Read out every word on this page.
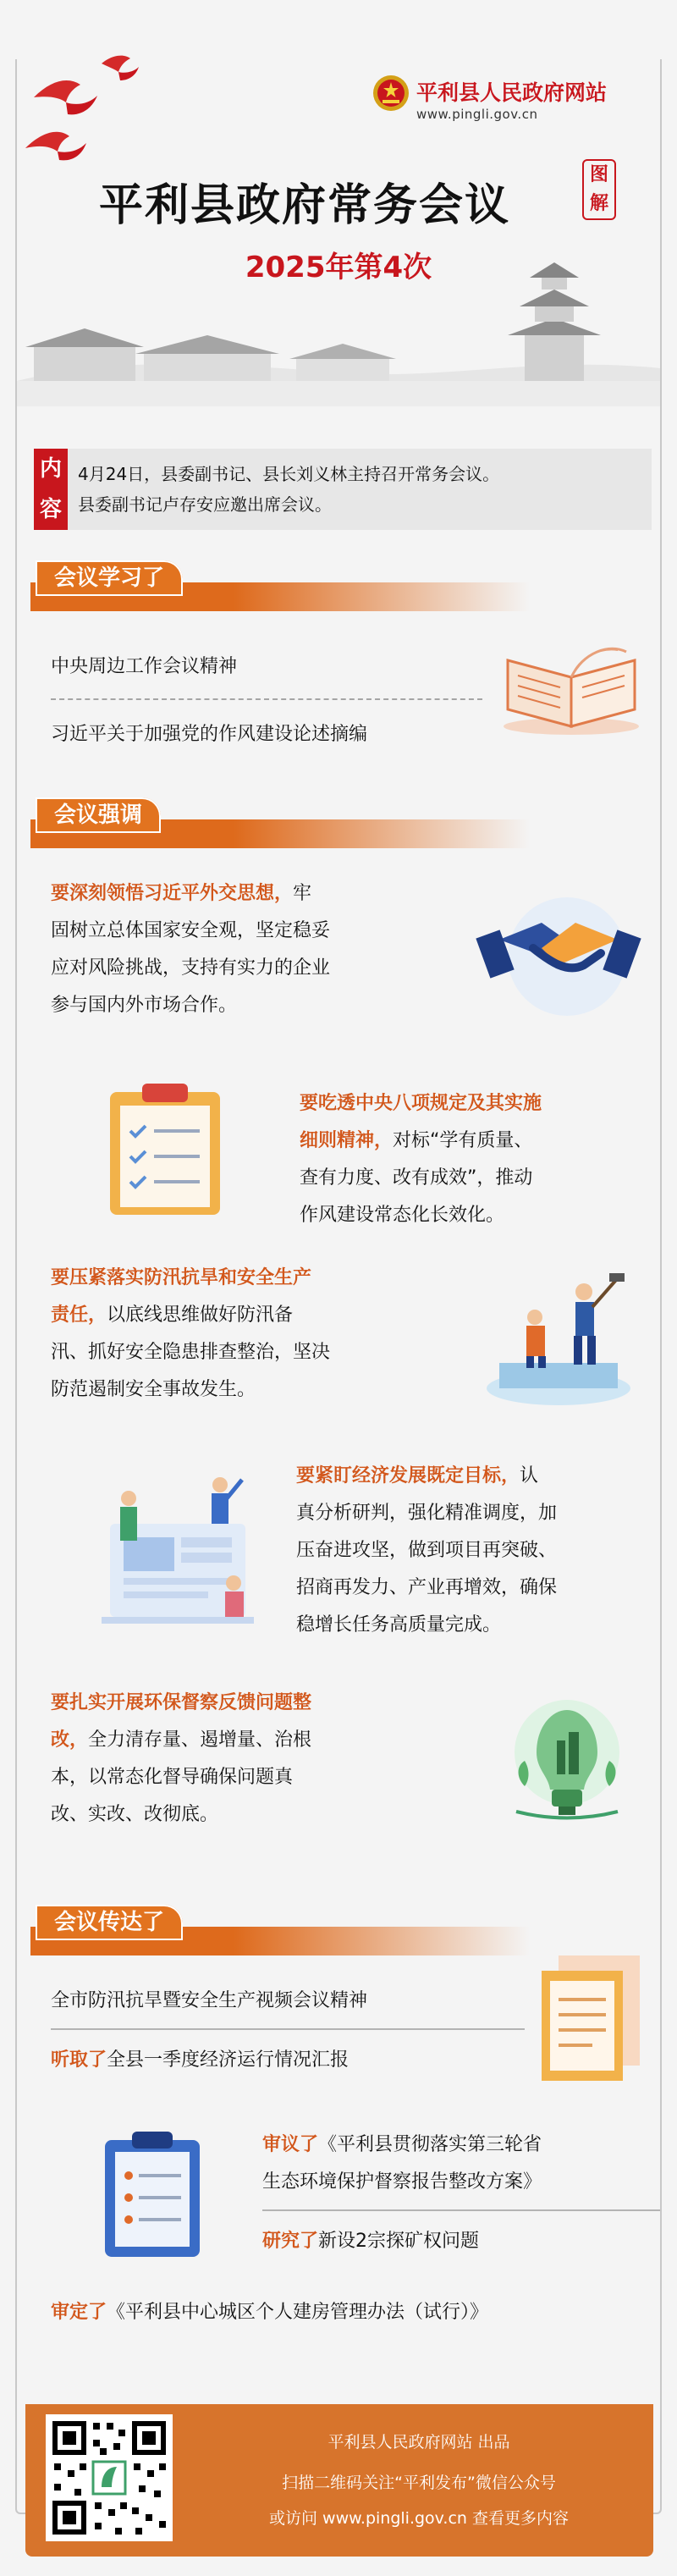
平利县人民政府网站
www.pingli.gov.cn
平利县政府常务会议
图
解
2025年第4次
内
容
4月24日，县委副书记、县长刘义林主持召开常务会议。
县委副书记卢存安应邀出席会议。
会议学习了
中央周边工作会议精神
习近平关于加强党的作风建设论述摘编
会议强调
要深刻领悟习近平外交思想，牢
固树立总体国家安全观，坚定稳妥
应对风险挑战，支持有实力的企业
参与国内外市场合作。
要吃透中央八项规定及其实施
细则精神，对标“学有质量、
查有力度、改有成效”，推动
作风建设常态化长效化。
要压紧落实防汛抗旱和安全生产
责任，以底线思维做好防汛备
汛、抓好安全隐患排查整治，坚决
防范遏制安全事故发生。
要紧盯经济发展既定目标，认
真分析研判，强化精准调度，加
压奋进攻坚，做到项目再突破、
招商再发力、产业再增效，确保
稳增长任务高质量完成。
要扎实开展环保督察反馈问题整
改，全力清存量、遏增量、治根
本，以常态化督导确保问题真
改、实改、改彻底。
会议传达了
全市防汛抗旱暨安全生产视频会议精神
听取了全县一季度经济运行情况汇报
审议了《平利县贯彻落实第三轮省
生态环境保护督察报告整改方案》
研究了新设2宗探矿权问题
审定了《平利县中心城区个人建房管理办法（试行）》
平利县人民政府网站 出品
扫描二维码关注“平利发布”微信公众号
或访问 www.pingli.gov.cn 查看更多内容
